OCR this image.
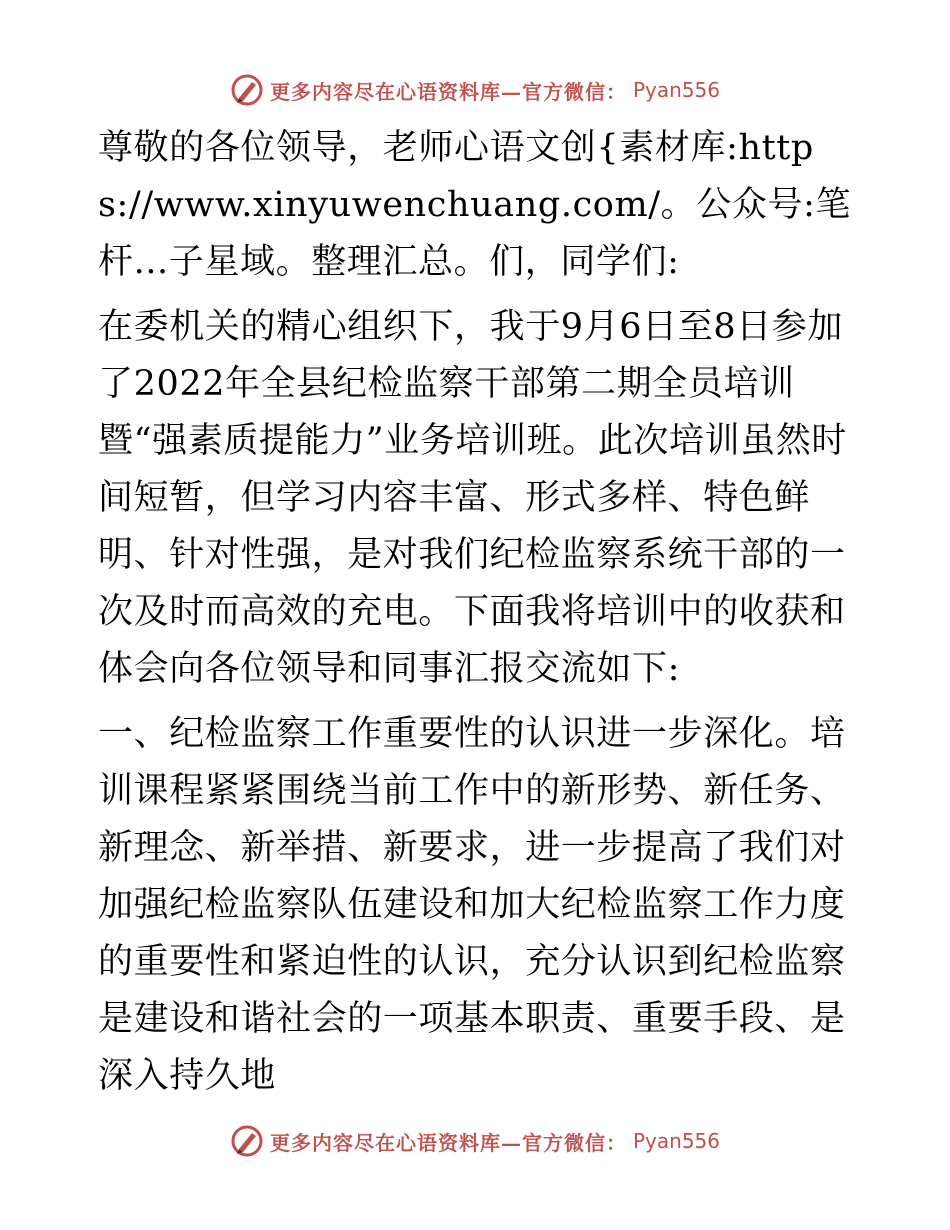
更多内容尽在心语资料库—官方微信： Pyan556

尊敬的各位领导，老师心语文创{素材库:https://www.xinyuwenchuang.com/。公众号:笔杆...子星域。整理汇总。们，同学们:

在委机关的精心组织下，我于9月6日至8日参加了2022年全县纪检监察干部第二期全员培训暨“强素质提能力”业务培训班。此次培训虽然时间短暂，但学习内容丰富、形式多样、特色鲜明、针对性强，是对我们纪检监察系统干部的一次及时而高效的充电。下面我将培训中的收获和体会向各位领导和同事汇报交流如下:

一、纪检监察工作重要性的认识进一步深化。培训课程紧紧围绕当前工作中的新形势、新任务、新理念、新举措、新要求，进一步提高了我们对加强纪检监察队伍建设和加大纪检监察工作力度的重要性和紧迫性的认识，充分认识到纪检监察是建设和谐社会的一项基本职责、重要手段、是深入持久地

更多内容尽在心语资料库—官方微信： Pyan556
